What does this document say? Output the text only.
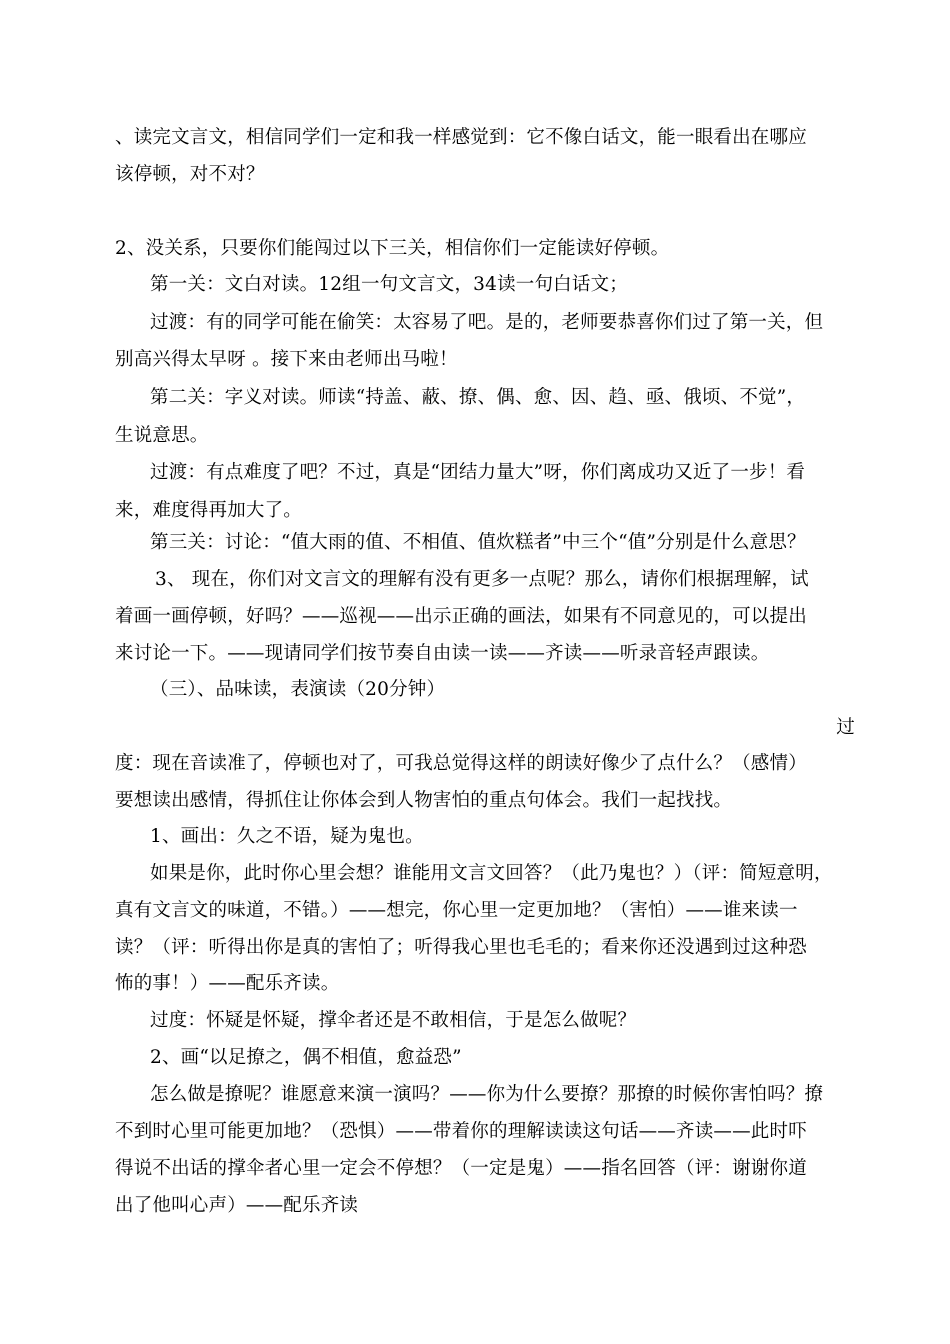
、读完文言文，相信同学们一定和我一样感觉到：它不像白话文，能一眼看出在哪应
该停顿，对不对？
2、没关系，只要你们能闯过以下三关，相信你们一定能读好停顿。
第一关：文白对读。12组一句文言文，34读一句白话文；
过渡：有的同学可能在偷笑：太容易了吧。是的，老师要恭喜你们过了第一关，但
别高兴得太早呀 。接下来由老师出马啦！
第二关：字义对读。师读“持盖、蔽、撩、偶、愈、因、趋、亟、俄顷、不觉”，
生说意思。
过渡：有点难度了吧？不过，真是“团结力量大”呀，你们离成功又近了一步！看
来，难度得再加大了。
第三关：讨论：“值大雨的值、不相值、值炊糕者”中三个“值”分别是什么意思？
3、 现在，你们对文言文的理解有没有更多一点呢？那么，请你们根据理解，试
着画一画停顿，好吗？——巡视——出示正确的画法，如果有不同意见的，可以提出
来讨论一下。——现请同学们按节奏自由读一读——齐读——听录音轻声跟读。
（三）、品味读，表演读（20分钟）
过
度：现在音读准了，停顿也对了，可我总觉得这样的朗读好像少了点什么？（感情）
要想读出感情，得抓住让你体会到人物害怕的重点句体会。我们一起找找。
1、画出：久之不语，疑为鬼也。
如果是你，此时你心里会想？谁能用文言文回答？（此乃鬼也？）（评：简短意明，
真有文言文的味道，不错。）——想完，你心里一定更加地？（害怕）——谁来读一
读？（评：听得出你是真的害怕了；听得我心里也毛毛的；看来你还没遇到过这种恐
怖的事！）——配乐齐读。
过度：怀疑是怀疑，撑伞者还是不敢相信，于是怎么做呢？
2、画“以足撩之，偶不相值，愈益恐”
怎么做是撩呢？谁愿意来演一演吗？——你为什么要撩？那撩的时候你害怕吗？撩
不到时心里可能更加地？（恐惧）——带着你的理解读读这句话——齐读——此时吓
得说不出话的撑伞者心里一定会不停想？（一定是鬼）——指名回答（评：谢谢你道
出了他叫心声）——配乐齐读
